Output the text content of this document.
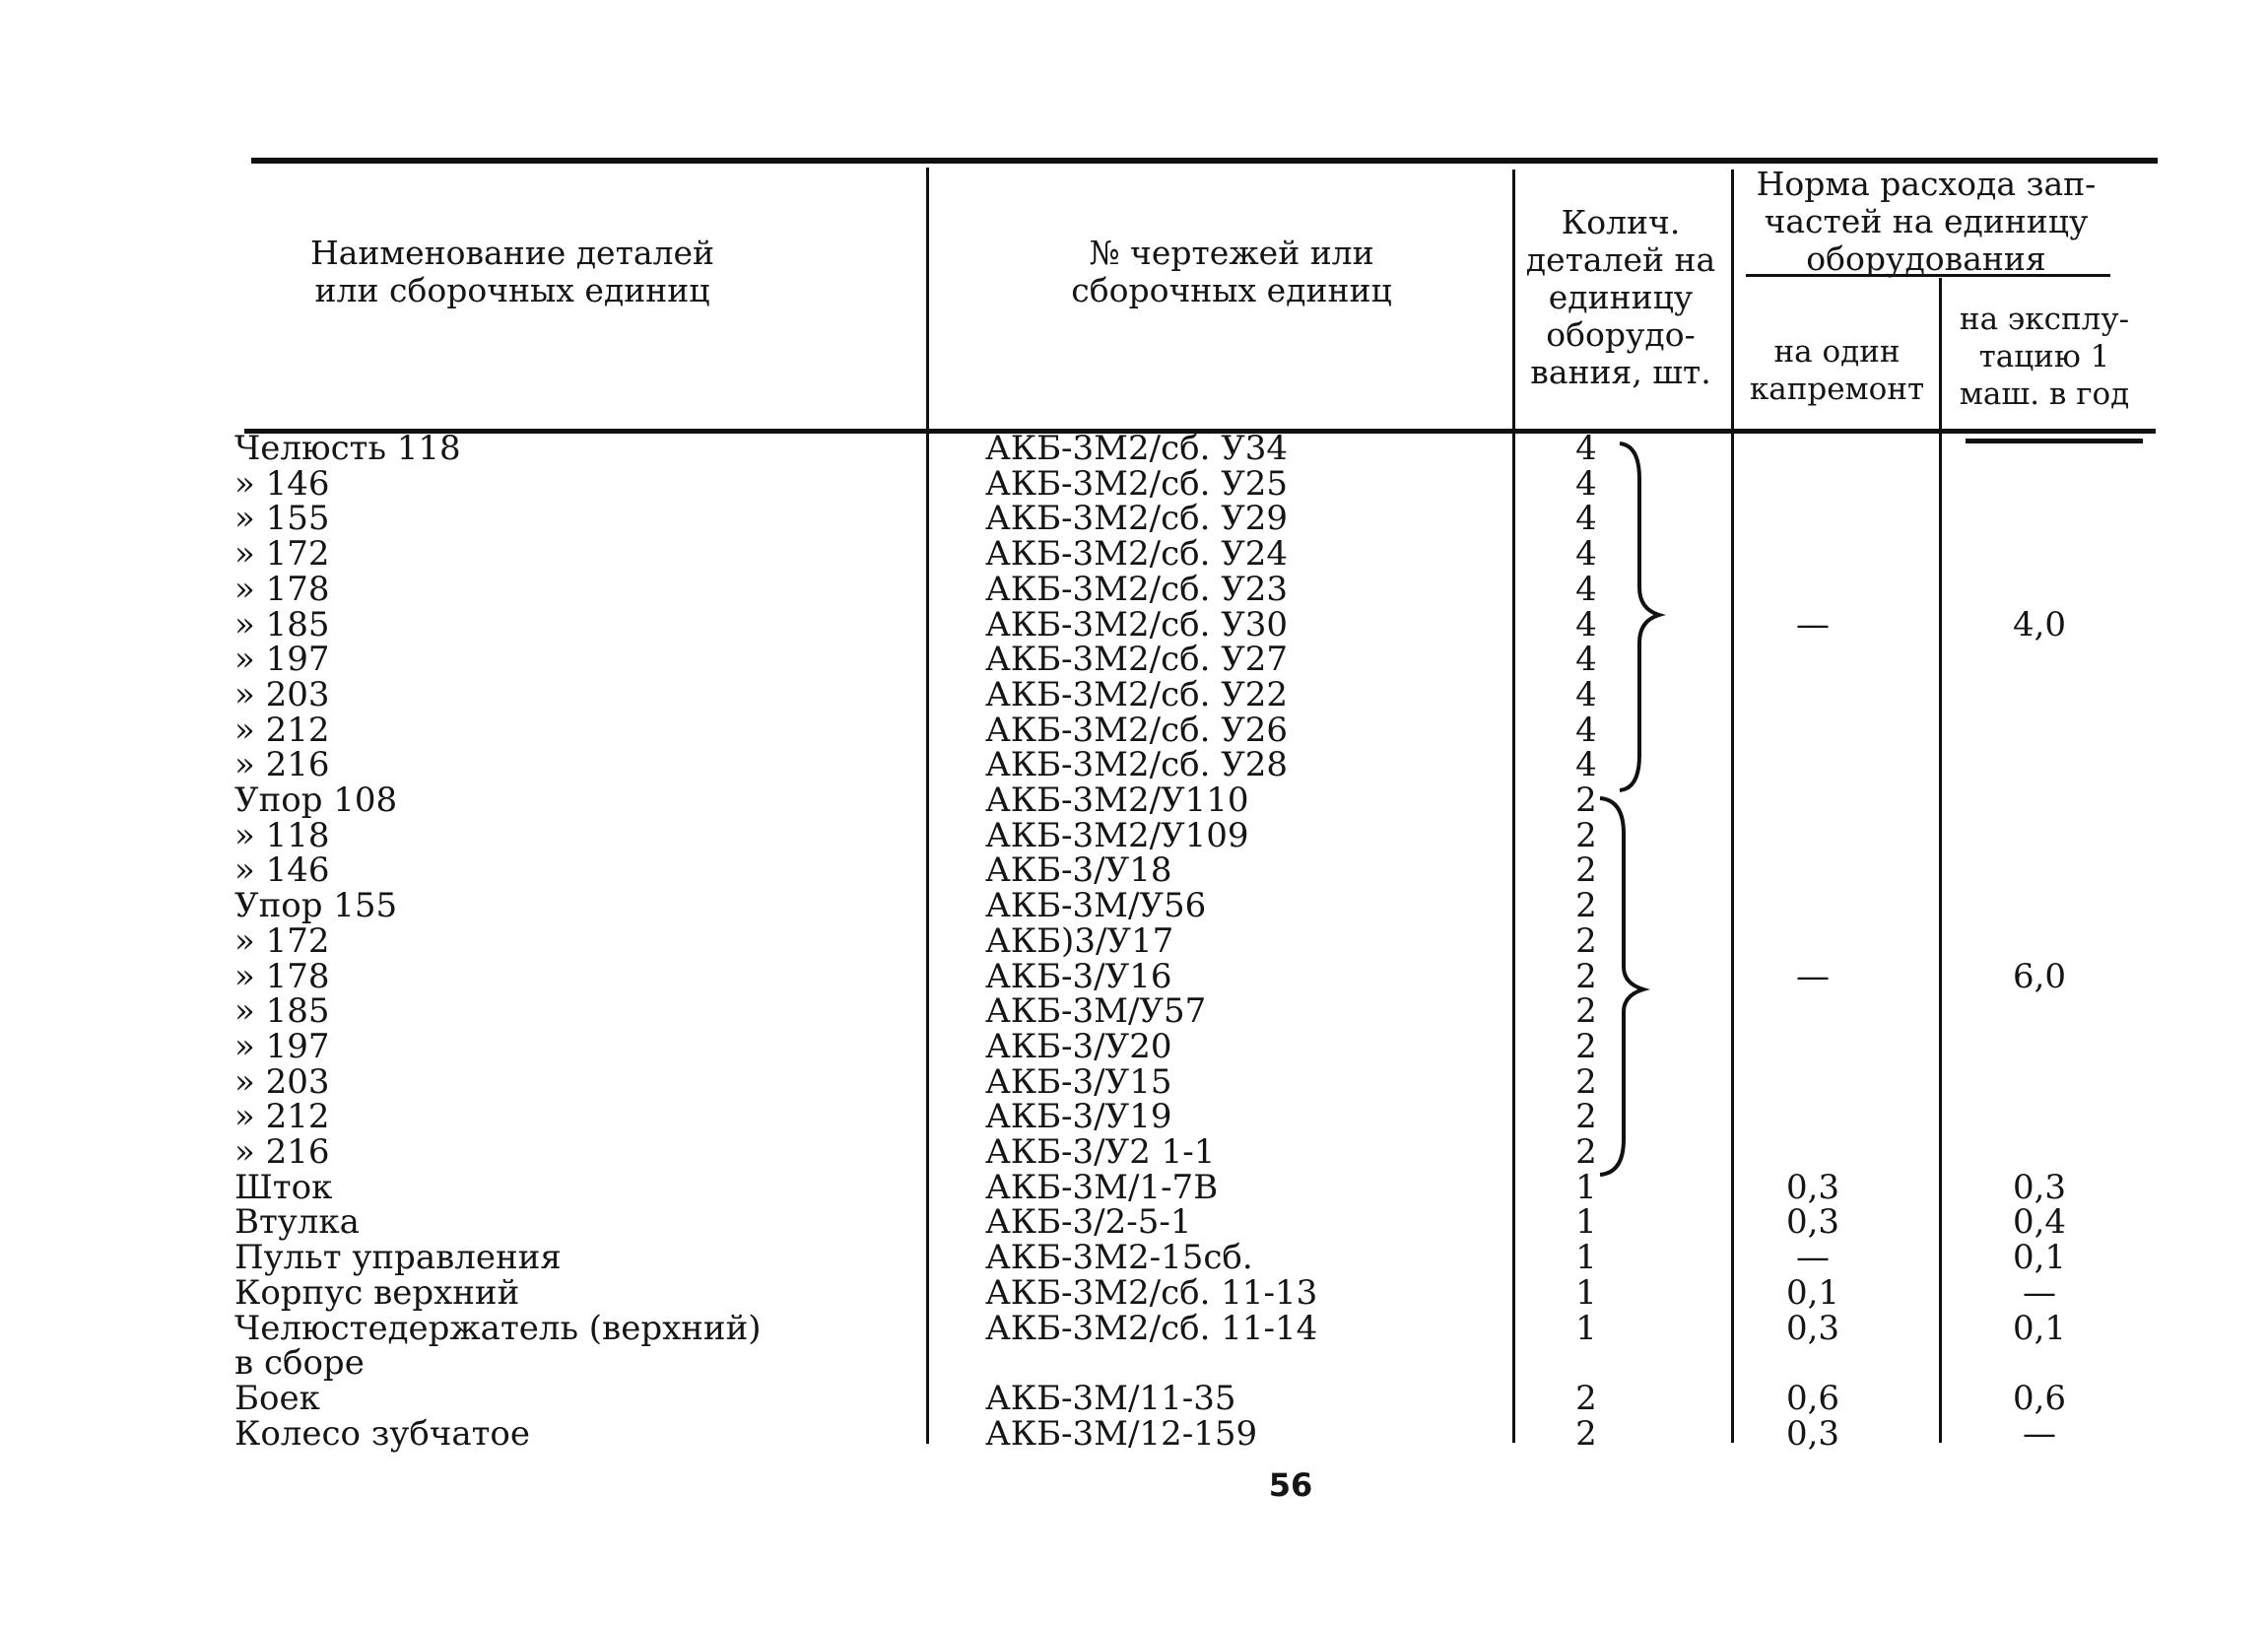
Наименование деталей или сборочных единиц
№ чертежей или сборочных единиц
Колич. деталей на единицу оборудо-вания, шт.
Норма расхода зап-частей на единицу оборудования
на один капремонт
на эксплу-тацию 1 маш. в год
Челюсть 118	АКБ-3М2/сб. У34	4
» 146	АКБ-3М2/сб. У25	4
» 155	АКБ-3М2/сб. У29	4
» 172	АКБ-3М2/сб. У24	4
» 178	АКБ-3М2/сб. У23	4
» 185	АКБ-3М2/сб. У30	4	—	4,0
» 197	АКБ-3М2/сб. У27	4
» 203	АКБ-3М2/сб. У22	4
» 212	АКБ-3М2/сб. У26	4
» 216	АКБ-3М2/сб. У28	4
Упор 108	АКБ-3М2/У110	2
» 118	АКБ-3М2/У109	2
» 146	АКБ-3/У18	2
Упор 155	АКБ-3М/У56	2
» 172	АКБ)3/У17	2
» 178	АКБ-3/У16	2	—	6,0
» 185	АКБ-3М/У57	2
» 197	АКБ-3/У20	2
» 203	АКБ-3/У15	2
» 212	АКБ-3/У19	2
» 216	АКБ-3/У2 1-1	2
Шток	АКБ-3М/1-7В	1	0,3	0,3
Втулка	АКБ-3/2-5-1	1	0,3	0,4
Пульт управления	АКБ-3М2-15сб.	1	—	0,1
Корпус верхний	АКБ-3М2/сб. 11-13	1	0,1	—
Челюстедержатель (верхний)	АКБ-3М2/сб. 11-14	1	0,3	0,1
в сборе
Боек	АКБ-3М/11-35	2	0,6	0,6
Колесо зубчатое	АКБ-3М/12-159	2	0,3	—
56
